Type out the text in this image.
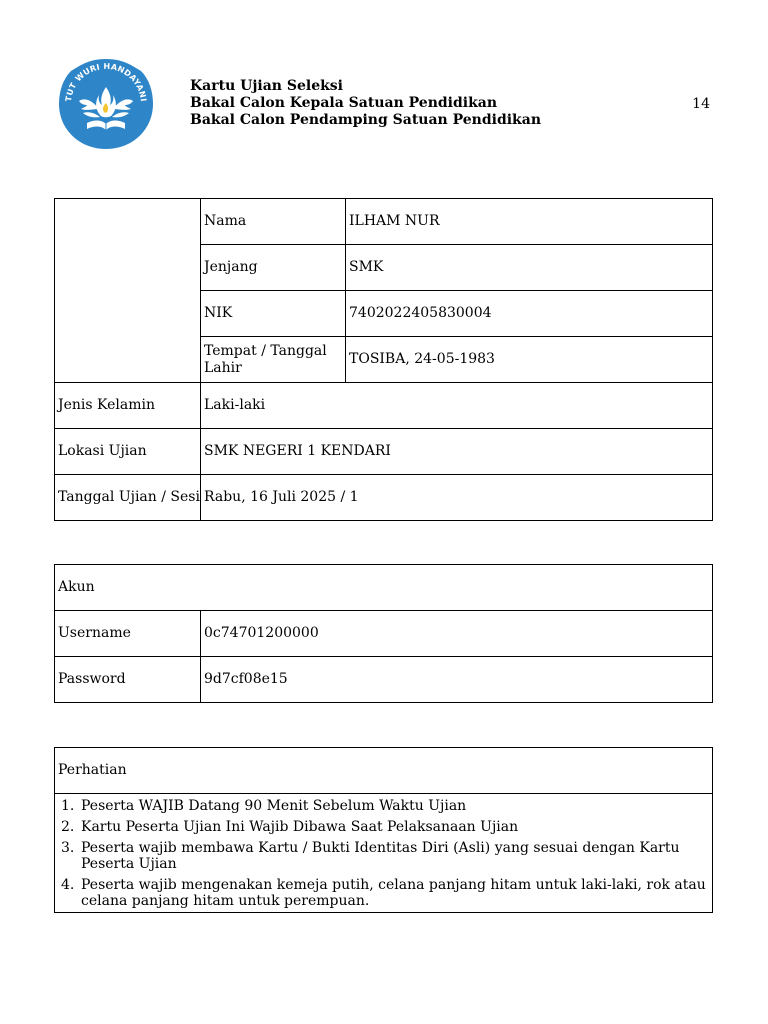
TUT WURI HANDAYANI
Kartu Ujian Seleksi
Bakal Calon Kepala Satuan Pendidikan
Bakal Calon Pendamping Satuan Pendidikan
14
	Nama	ILHAM NUR
	Jenjang	SMK
	NIK	7402022405830004
	Tempat / Tanggal Lahir	TOSIBA, 24-05-1983
Jenis Kelamin	Laki-laki	
Lokasi Ujian	SMK NEGERI 1 KENDARI	
Tanggal Ujian / Sesi	Rabu, 16 Juli 2025 / 1	
Akun	
Username	0c74701200000
Password	9d7cf08e15
Perhatian

1. Peserta WAJIB Datang 90 Menit Sebelum Waktu Ujian
2. Kartu Peserta Ujian Ini Wajib Dibawa Saat Pelaksanaan Ujian
3. Peserta wajib membawa Kartu / Bukti Identitas Diri (Asli) yang sesuai dengan Kartu Peserta Ujian
4. Peserta wajib mengenakan kemeja putih, celana panjang hitam untuk laki-laki, rok atau celana panjang hitam untuk perempuan.
